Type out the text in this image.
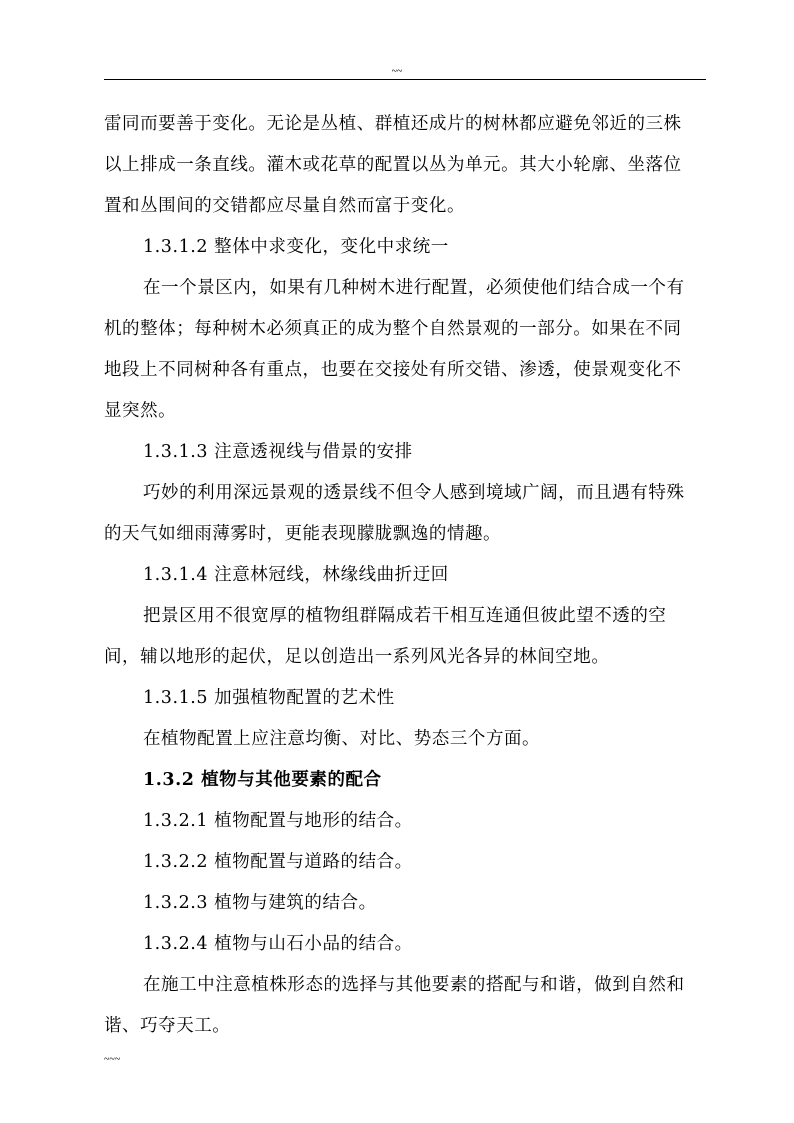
~~
雷同而要善于变化。无论是丛植、群植还成片的树林都应避免邻近的三株
以上排成一条直线。灌木或花草的配置以丛为单元。其大小轮廓、坐落位
置和丛围间的交错都应尽量自然而富于变化。
1.3.1.2 整体中求变化，变化中求统一
在一个景区内，如果有几种树木进行配置，必须使他们结合成一个有
机的整体；每种树木必须真正的成为整个自然景观的一部分。如果在不同
地段上不同树种各有重点，也要在交接处有所交错、渗透，使景观变化不
显突然。
1.3.1.3 注意透视线与借景的安排
巧妙的利用深远景观的透景线不但令人感到境域广阔，而且遇有特殊
的天气如细雨薄雾时，更能表现朦胧飘逸的情趣。
1.3.1.4 注意林冠线，林缘线曲折迂回
把景区用不很宽厚的植物组群隔成若干相互连通但彼此望不透的空
间，辅以地形的起伏，足以创造出一系列风光各异的林间空地。
1.3.1.5 加强植物配置的艺术性
在植物配置上应注意均衡、对比、势态三个方面。
1.3.2 植物与其他要素的配合
1.3.2.1 植物配置与地形的结合。
1.3.2.2 植物配置与道路的结合。
1.3.2.3 植物与建筑的结合。
1.3.2.4 植物与山石小品的结合。
在施工中注意植株形态的选择与其他要素的搭配与和谐，做到自然和
谐、巧夺天工。
~~~
